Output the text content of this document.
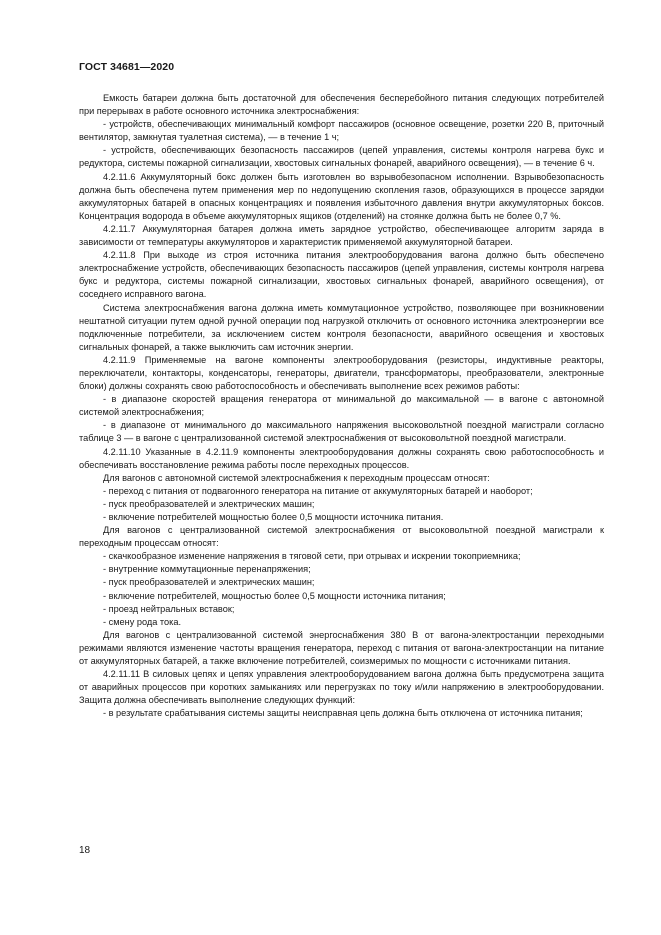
ГОСТ 34681—2020

Емкость батареи должна быть достаточной для обеспечения бесперебойного питания следующих потребителей при перерывах в работе основного источника электроснабжения:

- устройств, обеспечивающих минимальный комфорт пассажиров (основное освещение, розетки 220 В, приточный вентилятор, замкнутая туалетная система), — в течение 1 ч;

- устройств, обеспечивающих безопасность пассажиров (цепей управления, системы контроля нагрева букс и редуктора, системы пожарной сигнализации, хвостовых сигнальных фонарей, аварийного освещения), — в течение 6 ч.

4.2.11.6 Аккумуляторный бокс должен быть изготовлен во взрывобезопасном исполнении. Взрывобезопасность должна быть обеспечена путем применения мер по недопущению скопления газов, образующихся в процессе зарядки аккумуляторных батарей в опасных концентрациях и появления избыточного давления внутри аккумуляторных боксов. Концентрация водорода в объеме аккумуляторных ящиков (отделений) на стоянке должна быть не более 0,7 %.

4.2.11.7 Аккумуляторная батарея должна иметь зарядное устройство, обеспечивающее алгоритм заряда в зависимости от температуры аккумуляторов и характеристик применяемой аккумуляторной батареи.

4.2.11.8 При выходе из строя источника питания электрооборудования вагона должно быть обеспечено электроснабжение устройств, обеспечивающих безопасность пассажиров (цепей управления, системы контроля нагрева букс и редуктора, системы пожарной сигнализации, хвостовых сигнальных фонарей, аварийного освещения), от соседнего исправного вагона.

Система электроснабжения вагона должна иметь коммутационное устройство, позволяющее при возникновении нештатной ситуации путем одной ручной операции под нагрузкой отключить от основного источника электроэнергии все подключенные потребители, за исключением систем контроля безопасности, аварийного освещения и хвостовых сигнальных фонарей, а также выключить сам источник энергии.

4.2.11.9 Применяемые на вагоне компоненты электрооборудования (резисторы, индуктивные реакторы, переключатели, контакторы, конденсаторы, генераторы, двигатели, трансформаторы, преобразователи, электронные блоки) должны сохранять свою работоспособность и обеспечивать выполнение всех режимов работы:

- в диапазоне скоростей вращения генератора от минимальной до максимальной — в вагоне с автономной системой электроснабжения;

- в диапазоне от минимального до максимального напряжения высоковольтной поездной магистрали согласно таблице 3 — в вагоне с централизованной системой электроснабжения от высоковольтной поездной магистрали.

4.2.11.10 Указанные в 4.2.11.9 компоненты электрооборудования должны сохранять свою работоспособность и обеспечивать восстановление режима работы после переходных процессов.

Для вагонов с автономной системой электроснабжения к переходным процессам относят:

- переход с питания от подвагонного генератора на питание от аккумуляторных батарей и наоборот;

- пуск преобразователей и электрических машин;

- включение потребителей мощностью более 0,5 мощности источника питания.

Для вагонов с централизованной системой электроснабжения от высоковольтной поездной магистрали к переходным процессам относят:

- скачкообразное изменение напряжения в тяговой сети, при отрывах и искрении токоприемника;

- внутренние коммутационные перенапряжения;

- пуск преобразователей и электрических машин;

- включение потребителей, мощностью более 0,5 мощности источника питания;

- проезд нейтральных вставок;

- смену рода тока.

Для вагонов с централизованной системой энергоснабжения 380 В от вагона-электростанции переходными режимами являются изменение частоты вращения генератора, переход с питания от вагона-электростанции на питание от аккумуляторных батарей, а также включение потребителей, соизмеримых по мощности с источниками питания.

4.2.11.11 В силовых цепях и цепях управления электрооборудованием вагона должна быть предусмотрена защита от аварийных процессов при коротких замыканиях или перегрузках по току и/или напряжению в электрооборудовании. Защита должна обеспечивать выполнение следующих функций:

- в результате срабатывания системы защиты неисправная цепь должна быть отключена от источника питания;

18
